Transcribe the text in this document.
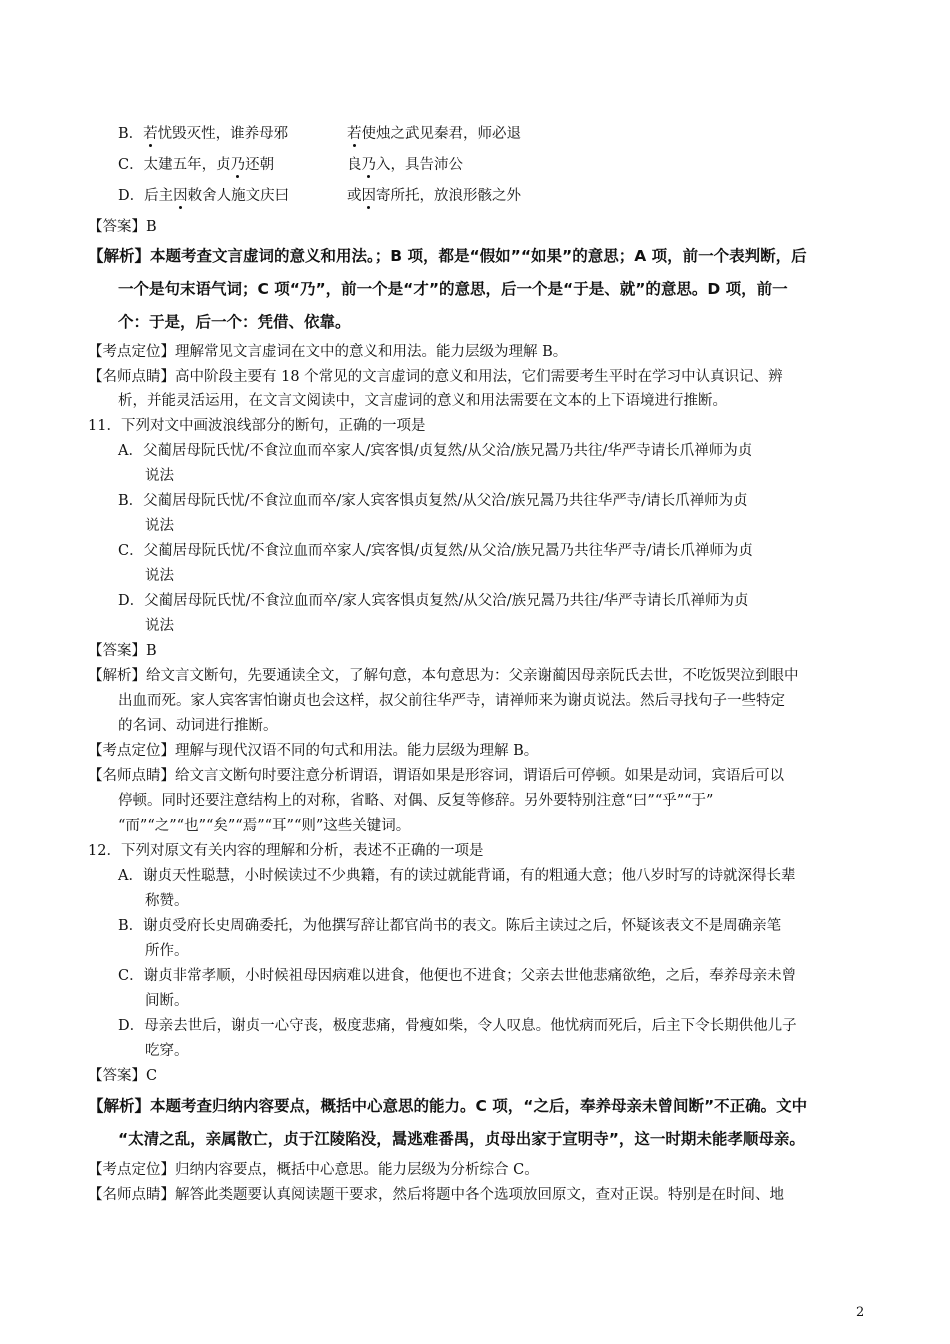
B．若忧毁灭性，谁养母邪	若使烛之武见秦君，师必退
C．太建五年，贞乃还朝	良乃入，具告沛公
D．后主因敕舍人施文庆曰	或因寄所托，放浪形骸之外
【答案】B
【解析】本题考查文言虚词的意义和用法。；B 项，都是“假如”“如果”的意思；A 项，前一个表判断，后
一个是句末语气词；C 项“乃”，前一个是“才”的意思，后一个是“于是、就”的意思。D 项，前一
个：于是，后一个：凭借、依靠。
【考点定位】理解常见文言虚词在文中的意义和用法。能力层级为理解 B。
【名师点睛】高中阶段主要有 18 个常见的文言虚词的意义和用法，它们需要考生平时在学习中认真识记、辨
析，并能灵活运用，在文言文阅读中，文言虚词的意义和用法需要在文本的上下语境进行推断。
11．下列对文中画波浪线部分的断句，正确的一项是
A．父蔺居母阮氏忧/不食泣血而卒家人/宾客惧/贞复然/从父洽/族兄暠乃共往/华严寺请长爪禅师为贞
说法
B．父蔺居母阮氏忧/不食泣血而卒/家人宾客惧贞复然/从父洽/族兄暠乃共往华严寺/请长爪禅师为贞
说法
C．父蔺居母阮氏忧/不食泣血而卒家人/宾客惧/贞复然/从父洽/族兄暠乃共往华严寺/请长爪禅师为贞
说法
D．父蔺居母阮氏忧/不食泣血而卒/家人宾客惧贞复然/从父洽/族兄暠乃共往/华严寺请长爪禅师为贞
说法
【答案】B
【解析】给文言文断句，先要通读全文，了解句意，本句意思为：父亲谢蔺因母亲阮氏去世，不吃饭哭泣到眼中
出血而死。家人宾客害怕谢贞也会这样，叔父前往华严寺，请禅师来为谢贞说法。然后寻找句子一些特定
的名词、动词进行推断。
【考点定位】理解与现代汉语不同的句式和用法。能力层级为理解 B。
【名师点睛】给文言文断句时要注意分析谓语，谓语如果是形容词，谓语后可停顿。如果是动词，宾语后可以
停顿。同时还要注意结构上的对称，省略、对偶、反复等修辞。另外要特别注意“曰”“乎”“于”
“而”“之”“也”“矣”“焉”“耳”“则”这些关键词。
12．下列对原文有关内容的理解和分析，表述不正确的一项是
A．谢贞天性聪慧，小时候读过不少典籍，有的读过就能背诵，有的粗通大意；他八岁时写的诗就深得长辈
称赞。
B．谢贞受府长史周确委托，为他撰写辞让都官尚书的表文。陈后主读过之后，怀疑该表文不是周确亲笔
所作。
C．谢贞非常孝顺，小时候祖母因病难以进食，他便也不进食；父亲去世他悲痛欲绝，之后，奉养母亲未曾
间断。
D．母亲去世后，谢贞一心守丧，极度悲痛，骨瘦如柴，令人叹息。他忧病而死后，后主下令长期供他儿子
吃穿。
【答案】C
【解析】本题考查归纳内容要点，概括中心意思的能力。C 项，“之后，奉养母亲未曾间断”不正确。文中
“太清之乱，亲属散亡，贞于江陵陷没，暠逃难番禺，贞母出家于宣明寺”，这一时期未能孝顺母亲。
【考点定位】归纳内容要点，概括中心意思。能力层级为分析综合 C。
【名师点睛】解答此类题要认真阅读题干要求，然后将题中各个选项放回原文，查对正误。特别是在时间、地
2
